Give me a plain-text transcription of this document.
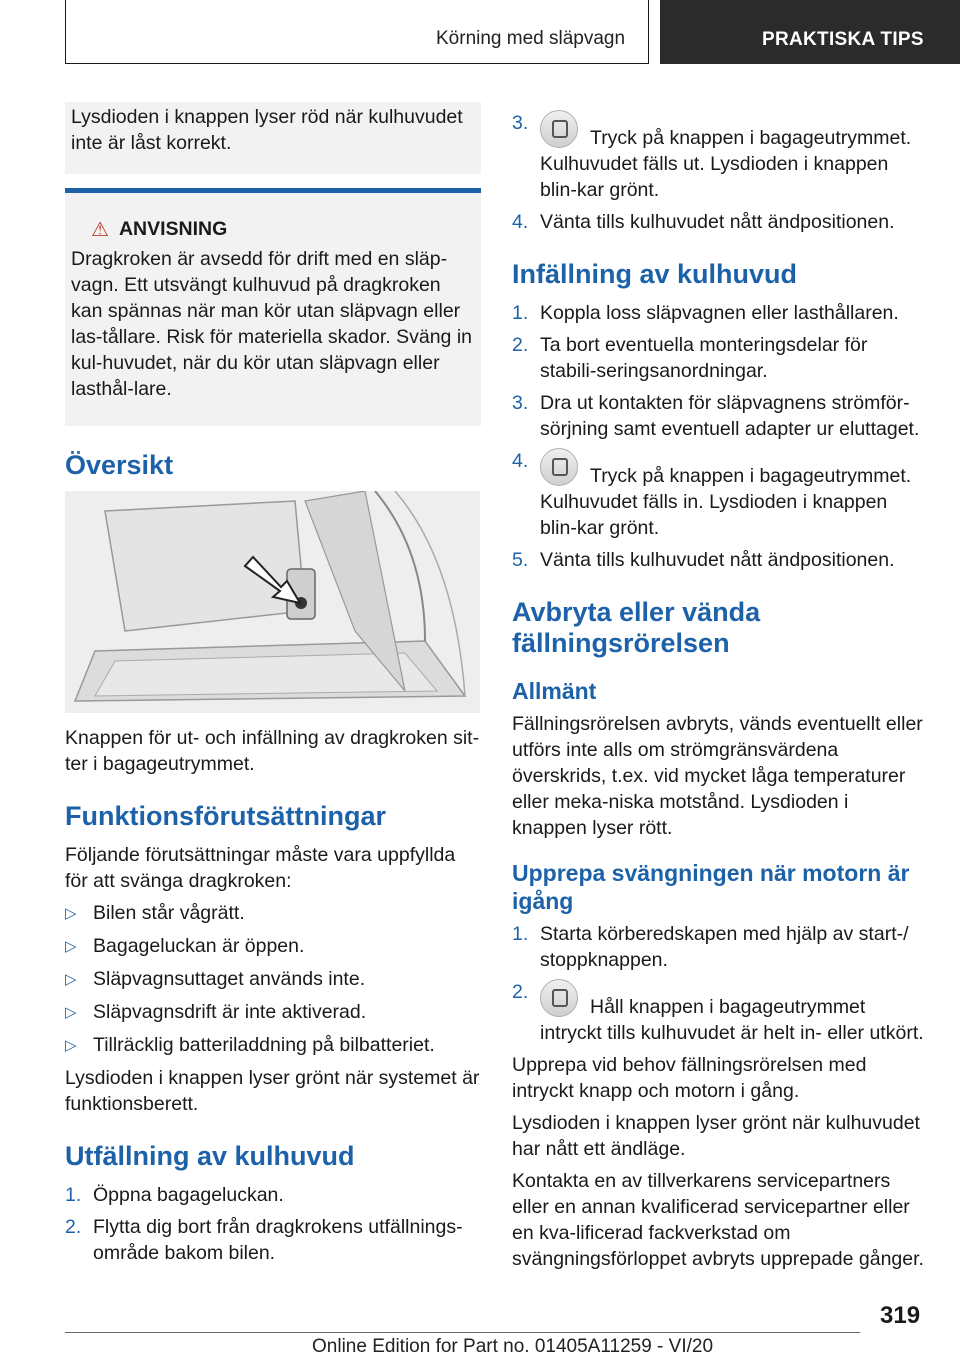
Körning med släpvagn	PRAKTISKA TIPS

Lysdioden i knappen lyser röd när kulhuvudet inte är låst korrekt.

⚠ ANVISNING

Dragkroken är avsedd för drift med en släp-vagn. Ett utsvängt kulhuvud på dragkroken kan spännas när man kör utan släpvagn eller las-tållare. Risk för materiella skador. Sväng in kul-huvudet, när du kör utan släpvagn eller lasthål-lare.

Översikt

Knappen för ut- och infällning av dragkroken sit-ter i bagageutrymmet.

Funktionsförutsättningar

Följande förutsättningar måste vara uppfyllda för att svänga dragkroken:

▷ Bilen står vågrätt.
▷ Bagageluckan är öppen.
▷ Släpvagnsuttaget används inte.
▷ Släpvagnsdrift är inte aktiverad.
▷ Tillräcklig batteriladdning på bilbatteriet.

Lysdioden i knappen lyser grönt när systemet är funktionsberett.

Utfällning av kulhuvud
1. Öppna bagageluckan.
2. Flytta dig bort från dragkrokens utfällnings-område bakom bilen.
3.
Tryck på knappen i bagageutrymmet.
Kulhuvudet fälls ut. Lysdioden i knappen blin-kar grönt.
4. Vänta tills kulhuvudet nått ändpositionen.
Infällning av kulhuvud
1. Koppla loss släpvagnen eller lasthållaren.
2. Ta bort eventuella monteringsdelar för stabili-seringsanordningar.
3. Dra ut kontakten för släpvagnens strömför-sörjning samt eventuell adapter ur eluttaget.
4.
Tryck på knappen i bagageutrymmet.
Kulhuvudet fälls in. Lysdioden i knappen blin-kar grönt.
5. Vänta tills kulhuvudet nått ändpositionen.
Avbryta eller vända fällningsrörelsen
Allmänt

Fällningsrörelsen avbryts, vänds eventuellt eller utförs inte alls om strömgränsvärdena överskrids, t.ex. vid mycket låga temperaturer eller meka-niska motstånd. Lysdioden i knappen lyser rött.

Upprepa svängningen när motorn är igång
1. Starta körberedskapen med hjälp av start-/ stoppknappen.
2.
Håll knappen i bagageutrymmet intryckt tills kulhuvudet är helt in- eller utkört.

Upprepa vid behov fällningsrörelsen med intryckt knapp och motorn i gång.

Lysdioden i knappen lyser grönt när kulhuvudet har nått ett ändläge.

Kontakta en av tillverkarens servicepartners eller en annan kvalificerad servicepartner eller en kva-lificerad fackverkstad om svängningsförloppet avbryts upprepade gånger.

319
Online Edition for Part no. 01405A11259 - VI/20
